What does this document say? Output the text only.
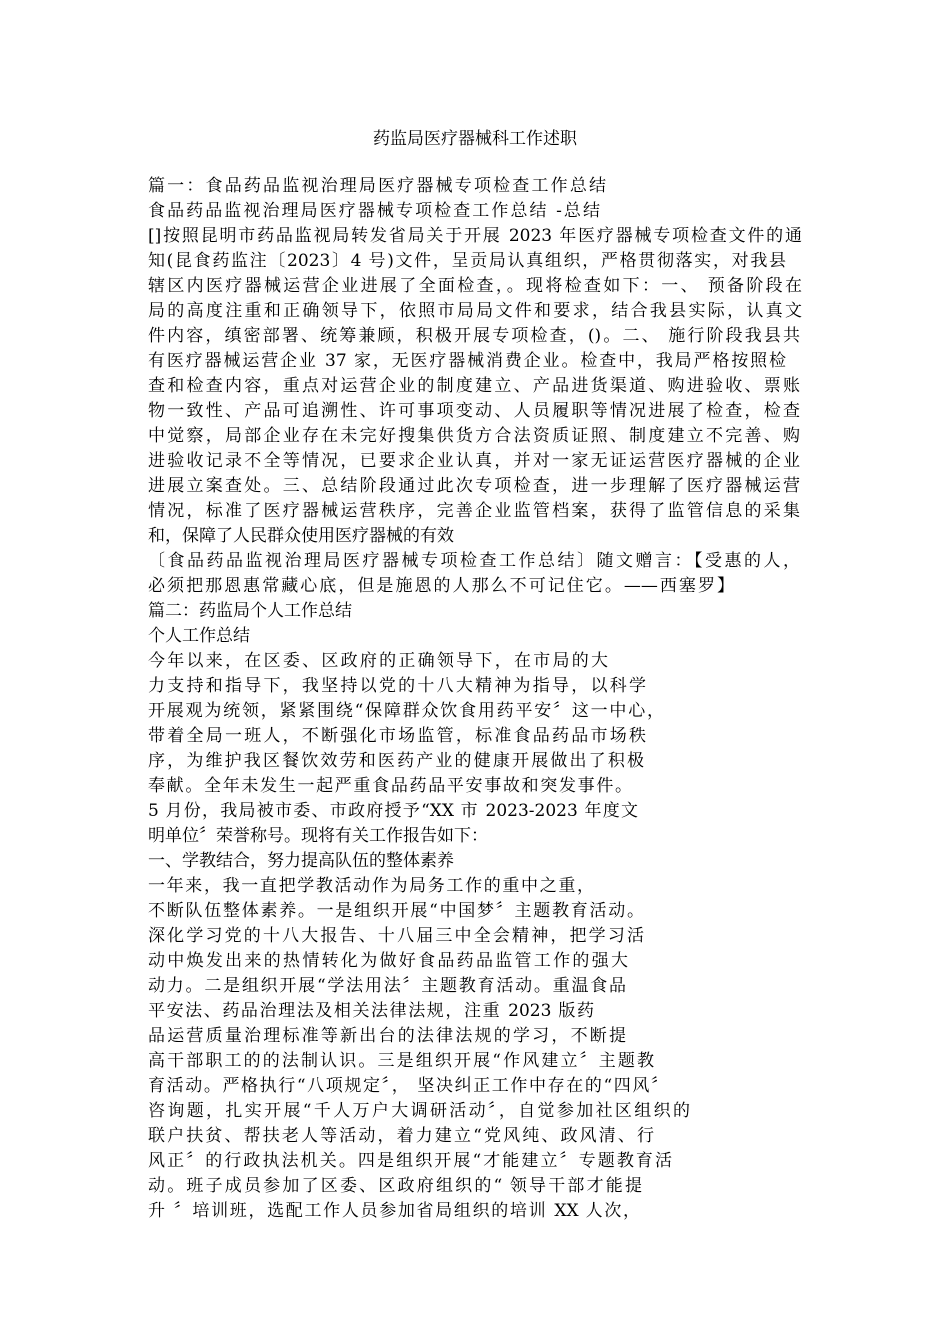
药监局医疗器械科工作述职
篇一：食品药品监视治理局医疗器械专项检查工作总结
食品药品监视治理局医疗器械专项检查工作总结 -总结
[]按照昆明市药品监视局转发省局关于开展 2023 年医疗器械专项检查文件的通
知(昆食药监注〔2023〕4 号)文件，呈贡局认真组织，严格贯彻落实，对我县
辖区内医疗器械运营企业进展了全面检查，。现将检查如下：一、 预备阶段在
局的高度注重和正确领导下，依照市局局文件和要求，结合我县实际，认真文
件内容，缜密部署、统筹兼顾，积极开展专项检查，()。二、 施行阶段我县共
有医疗器械运营企业 37 家，无医疗器械消费企业。检查中，我局严格按照检
查和检查内容，重点对运营企业的制度建立、产品进货渠道、购进验收、票账
物一致性、产品可追溯性、许可事项变动、人员履职等情况进展了检查，检查
中觉察，局部企业存在未完好搜集供货方合法资质证照、制度建立不完善、购
进验收记录不全等情况，已要求企业认真，并对一家无证运营医疗器械的企业
进展立案查处。三、总结阶段通过此次专项检查，进一步理解了医疗器械运营
情况，标准了医疗器械运营秩序，完善企业监管档案，获得了监管信息的采集
和，保障了人民群众使用医疗器械的有效
〔食品药品监视治理局医疗器械专项检查工作总结〕随文赠言：【受惠的人，
必须把那恩惠常藏心底，但是施恩的人那么不可记住它。——西塞罗】
篇二：药监局个人工作总结
个人工作总结
今年以来，在区委、区政府的正确领导下，在市局的大
力支持和指导下，我坚持以党的十八大精神为指导，以科学
开展观为统领，紧紧围绕“保障群众饮食用药平安〞这一中心，
带着全局一班人，不断强化市场监管，标准食品药品市场秩
序，为维护我区餐饮效劳和医药产业的健康开展做出了积极
奉献。全年未发生一起严重食品药品平安事故和突发事件。
5 月份，我局被市委、市政府授予“XX 市 2023-2023 年度文
明单位〞荣誉称号。现将有关工作报告如下：
一、学教结合，努力提高队伍的整体素养
一年来，我一直把学教活动作为局务工作的重中之重，
不断队伍整体素养。一是组织开展“中国梦〞主题教育活动。
深化学习党的十八大报告、十八届三中全会精神，把学习活
动中焕发出来的热情转化为做好食品药品监管工作的强大
动力。二是组织开展“学法用法〞主题教育活动。重温食品
平安法、药品治理法及相关法律法规，注重 2023 版药
品运营质量治理标准等新出台的法律法规的学习，不断提
高干部职工的的法制认识。三是组织开展“作风建立〞主题教
育活动。严格执行“八项规定〞， 坚决纠正工作中存在的“四风〞
咨询题，扎实开展“千人万户大调研活动〞，自觉参加社区组织的
联户扶贫、帮扶老人等活动，着力建立“党风纯、政风清、行
风正〞的行政执法机关。四是组织开展“才能建立〞专题教育活
动。班子成员参加了区委、区政府组织的“ 领导干部才能提
升 〞培训班，选配工作人员参加省局组织的培训 XX 人次，
